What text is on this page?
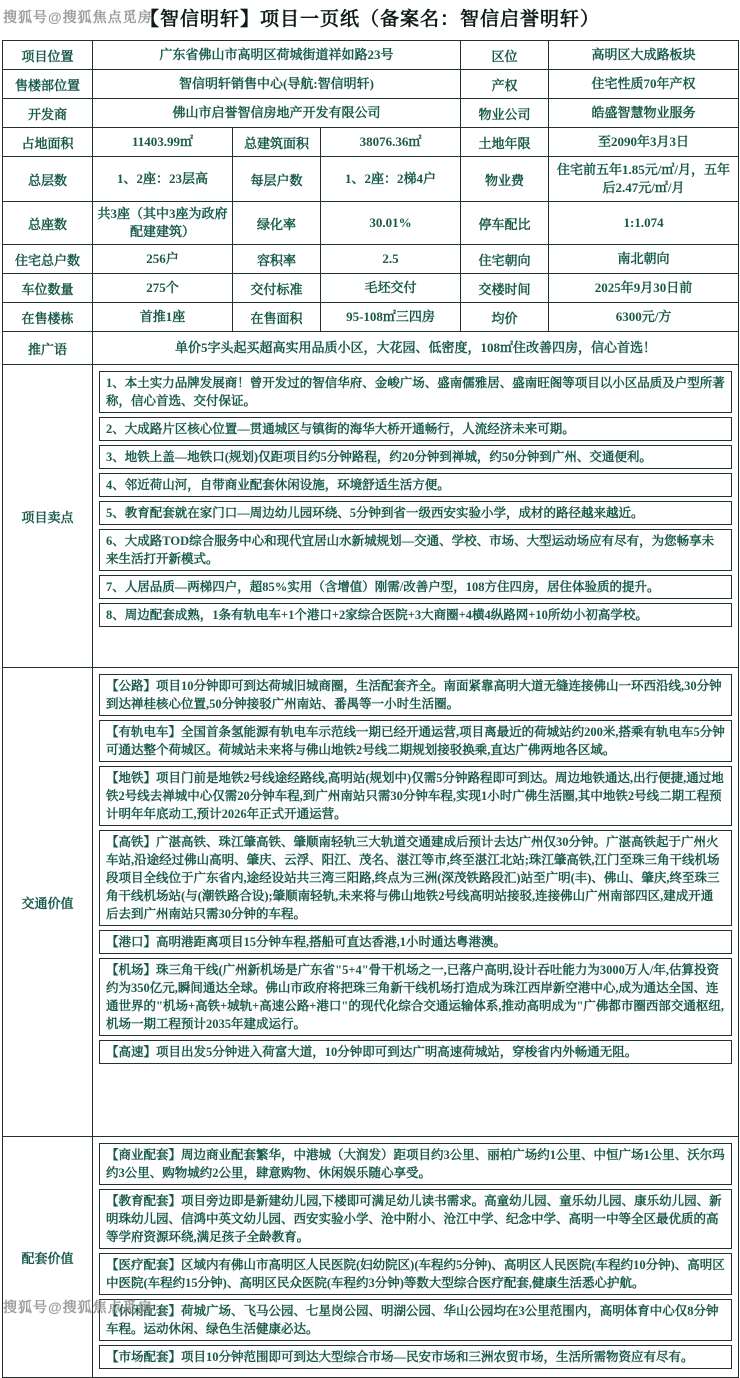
搜狐号@搜狐焦点觅房
【智信明轩】项目一页纸（备案名：智信启誉明轩）
项目位置	广东省佛山市高明区荷城街道祥如路23号			区位	高明区大成路板块
售楼部位置	智信明轩销售中心(导航:智信明轩)			产权	住宅性质70年产权
开发商	佛山市启誉智信房地产开发有限公司			物业公司	皓盛智慧物业服务
占地面积	11403.99㎡	总建筑面积	38076.36㎡	土地年限	至2090年3月3日
总层数	1、2座：23层高	每层户数	1、2座：2梯4户	物业费	住宅前五年1.85元/㎡/月，五年后2.47元/㎡/月
总座数	共3座（其中3座为政府配建建筑）	绿化率	30.01%	停车配比	1:1.074
住宅总户数	256户	容积率	2.5	住宅朝向	南北朝向
车位数量	275个	交付标准	毛坯交付	交楼时间	2025年9月30日前
在售楼栋	首推1座	在售面积	95-108㎡三四房	均价	6300元/方
推广语	单价5字头起买超高实用品质小区，大花园、低密度，108㎡住改善四房，信心首选！				
项目卖点	
1、本土实力品牌发展商！曾开发过的智信华府、金峻广场、盛南儒雅居、盛南旺阁等项目以小区品质及户型所著称，信心首选、交付保证。
2、大成路片区核心位置—贯通城区与镇街的海华大桥开通畅行，人流经济未来可期。
3、地铁上盖—地铁口(规划)仅距项目约5分钟路程，约20分钟到禅城，约50分钟到广州、交通便利。
4、邻近荷山河，自带商业配套休闲设施，环境舒适生活方便。
5、教育配套就在家门口—周边幼儿园环绕、5分钟到省一级西安实验小学，成材的路径越来越近。
6、大成路TOD综合服务中心和现代宜居山水新城规划—交通、学校、市场、大型运动场应有尽有，为您畅享未来生活打开新模式。
7、人居品质—两梯四户，超85%实用（含增值）刚需/改善户型，108方住四房，居住体验质的提升。
8、周边配套成熟，1条有轨电车+1个港口+2家综合医院+3大商圈+4横4纵路网+10所幼小初高学校。

交通价值	
【公路】项目10分钟即可到达荷城旧城商圈，生活配套齐全。南面紧靠高明大道无缝连接佛山一环西沿线,30分钟到达禅桂核心位置,50分钟接驳广州南站、番禺等一小时生活圈。
【有轨电车】全国首条氢能源有轨电车示范线一期已经开通运营,项目离最近的荷城站约200米,搭乘有轨电车5分钟可通达整个荷城区。荷城站未来将与佛山地铁2号线二期规划接驳换乘,直达广佛两地各区域。
【地铁】项目门前是地铁2号线途经路线,高明站(规划中)仅需5分钟路程即可到达。周边地铁通达,出行便捷,通过地铁2号线去禅城中心仅需20分钟车程,到广州南站只需30分钟车程,实现1小时广佛生活圈,其中地铁2号线二期工程预计明年年底动工,预计2026年正式开通运营。
【高铁】广湛高铁、珠江肇高铁、肇顺南轻轨三大轨道交通建成后预计去达广州仅30分钟。广湛高铁起于广州火车站,沿途经过佛山高明、肇庆、云浮、阳江、茂名、湛江等市,终至湛江北站;珠江肇高铁,江门至珠三角干线机场段项目全线位于广东省内,途经设站共三湾三阳路,终点为三洲(深茂铁路段汇)站至广明(丰)、佛山、肇庆,终至珠三角干线机场站(与(潮铁路合设);肇顺南轻轨,未来将与佛山地铁2号线高明站接驳,连接佛山广州南部四区,建成开通后去到广州南站只需30分钟的车程。
【港口】高明港距离项目15分钟车程,搭船可直达香港,1小时通达粤港澳。
【机场】珠三角干线(广州新机场是广东省"5+4"骨干机场之一,已落户高明,设计吞吐能力为3000万人/年,估算投资约为350亿元,瞬间通达全球。佛山市政府将把珠三角新干线机场打造成为珠江西岸新空港中心,成为通达全国、连通世界的"机场+高铁+城轨+高速公路+港口"的现代化综合交通运输体系,推动高明成为"广佛都市圈西部交通枢纽,机场一期工程预计2035年建成运行。
【高速】项目出发5分钟进入荷富大道，10分钟即可到达广明高速荷城站，穿梭省内外畅通无阻。

配套价值	【商业配套】周边商业配套繁华，中港城（大润发）距项目约3公里、丽柏广场约1公里、中恒广场1公里、沃尔玛约3公里、购物城约2公里，肆意购物、休闲娱乐随心享受。
【教育配套】项目旁边即是新建幼儿园,下楼即可满足幼儿读书需求。高童幼儿园、童乐幼儿园、康乐幼儿园、新明珠幼儿园、信鸿中英文幼儿园、西安实验小学、沧中附小、沧江中学、纪念中学、高明一中等全区最优质的高等学府资源环绕,满足孩子全龄教育。
【医疗配套】区域内有佛山市高明区人民医院(妇幼院区)(车程约5分钟)、高明区人民医院(车程约10分钟)、高明区中医院(车程约15分钟)、高明区民众医院(车程约3分钟)等数大型综合医疗配套,健康生活悉心护航。
【休闲配套】荷城广场、飞马公园、七星岗公园、明湖公园、华山公园均在3公里范围内，高明体育中心仅8分钟车程。运动休闲、绿色生活健康必达。
【市场配套】项目10分钟范围即可到达大型综合市场—民安市场和三洲农贸市场，生活所需物资应有尽有。				
搜狐号@搜狐焦点觅房
